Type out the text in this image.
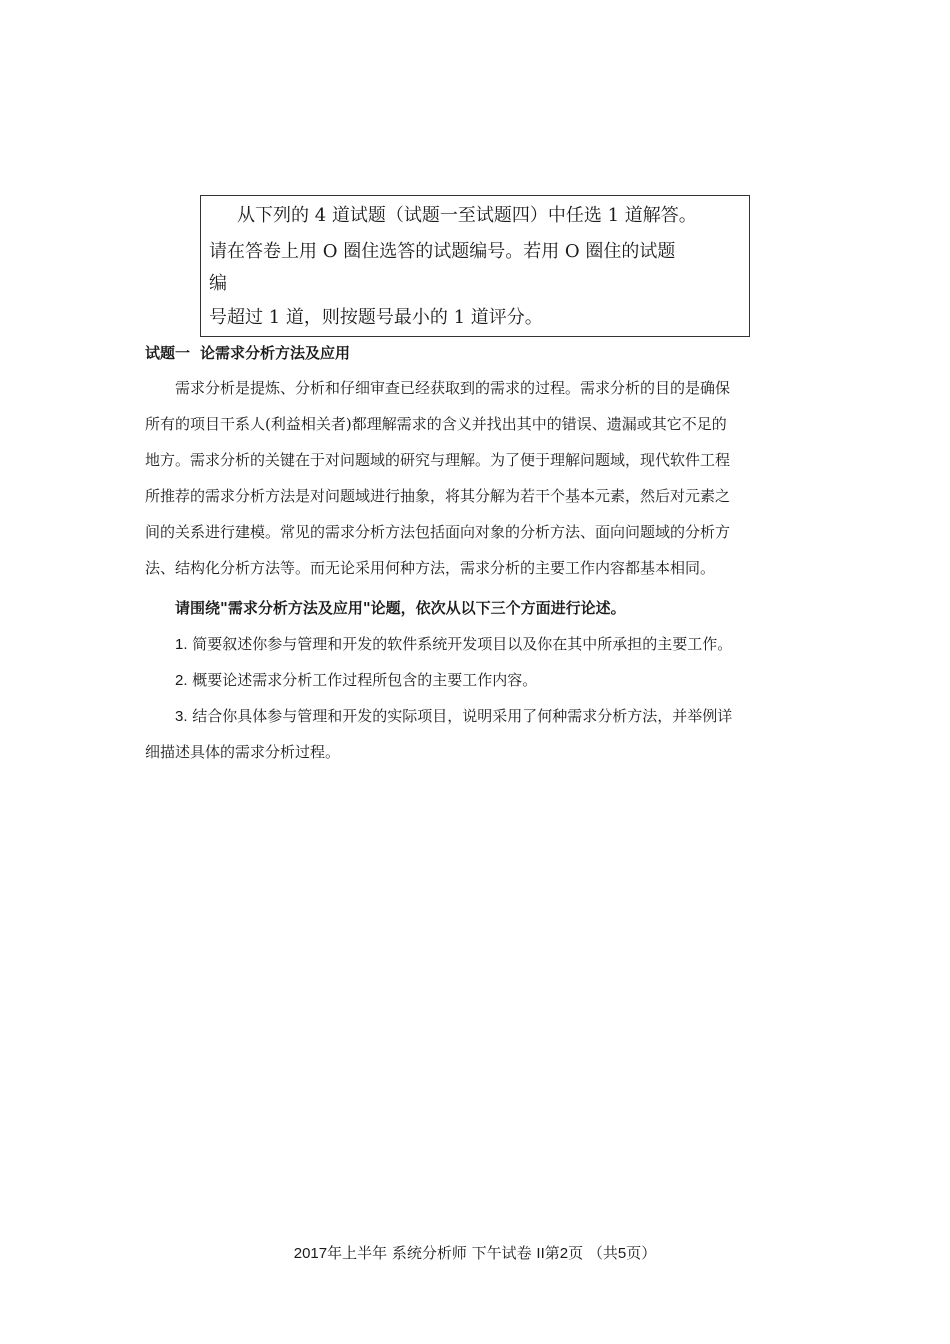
从下列的 4 道试题（试题一至试题四）中任选 1 道解答。
请在答卷上用 O 圈住选答的试题编号。若用 O 圈住的试题
编
号超过 1 道，则按题号最小的 1 道评分。
试题一 论需求分析方法及应用
需求分析是提炼、分析和仔细审查已经获取到的需求的过程。需求分析的目的是确保
所有的项目干系人(利益相关者)都理解需求的含义并找出其中的错误、遗漏或其它不足的
地方。需求分析的关键在于对问题域的研究与理解。为了便于理解问题域，现代软件工程
所推荐的需求分析方法是对问题域进行抽象，将其分解为若干个基本元素，然后对元素之
间的关系进行建模。常见的需求分析方法包括面向对象的分析方法、面向问题域的分析方
法、结构化分析方法等。而无论采用何种方法，需求分析的主要工作内容都基本相同。
请围绕"需求分析方法及应用"论题，依次从以下三个方面进行论述。
1. 简要叙述你参与管理和开发的软件系统开发项目以及你在其中所承担的主要工作。
2. 概要论述需求分析工作过程所包含的主要工作内容。
3. 结合你具体参与管理和开发的实际项目，说明采用了何种需求分析方法，并举例详
细描述具体的需求分析过程。
2017年上半年 系统分析师 下午试卷 II第2页 （共5页）
